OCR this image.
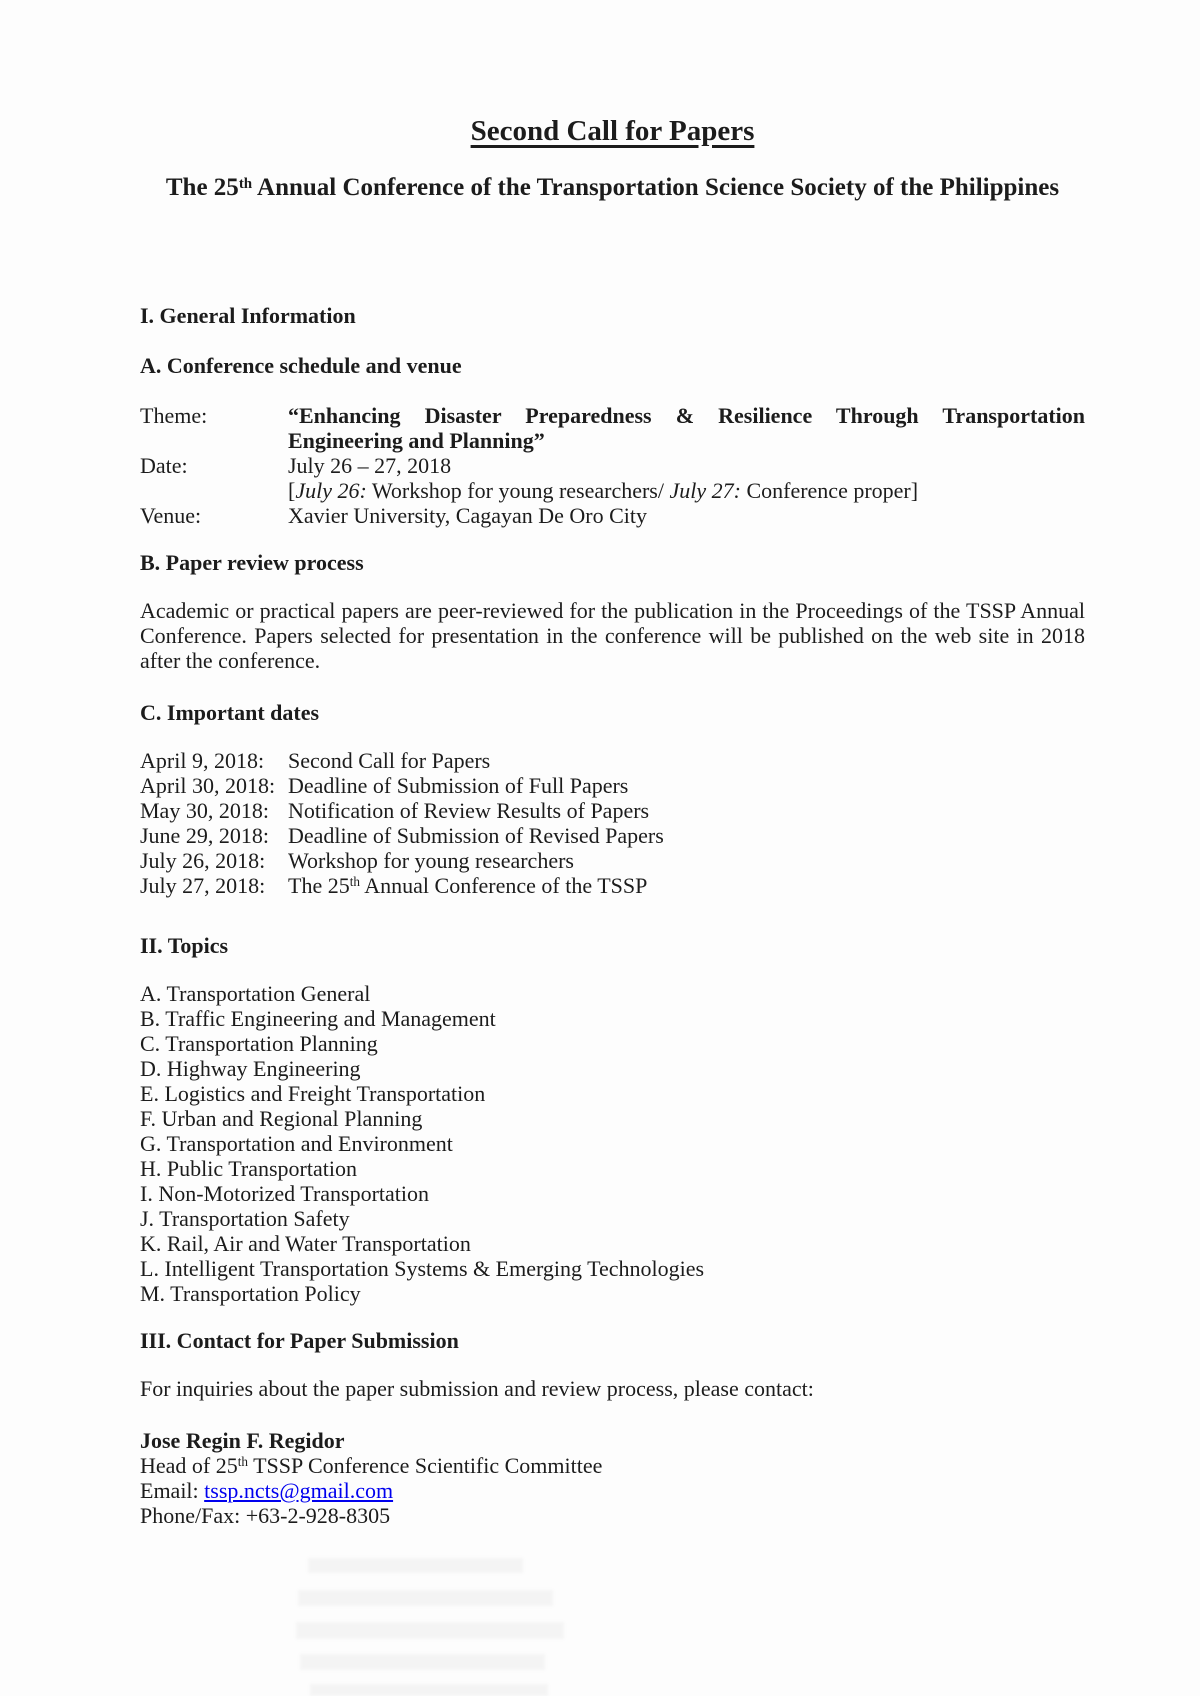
Second Call for Papers
The 25th Annual Conference of the Transportation Science Society of the Philippines
I. General Information
A. Conference schedule and venue
Theme:	“Enhancing Disaster Preparedness & Resilience Through Transportation Engineering and Planning”
Date:	July 26 – 27, 2018
[July 26: Workshop for young researchers/ July 27: Conference proper]
Venue:	Xavier University, Cagayan De Oro City
B. Paper review process
Academic or practical papers are peer-reviewed for the publication in the Proceedings of the TSSP Annual Conference. Papers selected for presentation in the conference will be published on the web site in 2018 after the conference.
C. Important dates
April 9, 2018:	Second Call for Papers
April 30, 2018: Deadline of Submission of Full Papers
May 30, 2018: Notification of Review Results of Papers
June 29, 2018: Deadline of Submission of Revised Papers
July 26, 2018:	Workshop for young researchers
July 27, 2018:	The 25th Annual Conference of the TSSP
II. Topics
A. Transportation General
B. Traffic Engineering and Management
C. Transportation Planning
D. Highway Engineering
E. Logistics and Freight Transportation
F. Urban and Regional Planning
G. Transportation and Environment
H. Public Transportation
I. Non-Motorized Transportation
J. Transportation Safety
K. Rail, Air and Water Transportation
L. Intelligent Transportation Systems & Emerging Technologies
M. Transportation Policy
III. Contact for Paper Submission
For inquiries about the paper submission and review process, please contact:
Jose Regin F. Regidor
Head of 25th TSSP Conference Scientific Committee
Email: tssp.ncts@gmail.com
Phone/Fax: +63-2-928-8305
